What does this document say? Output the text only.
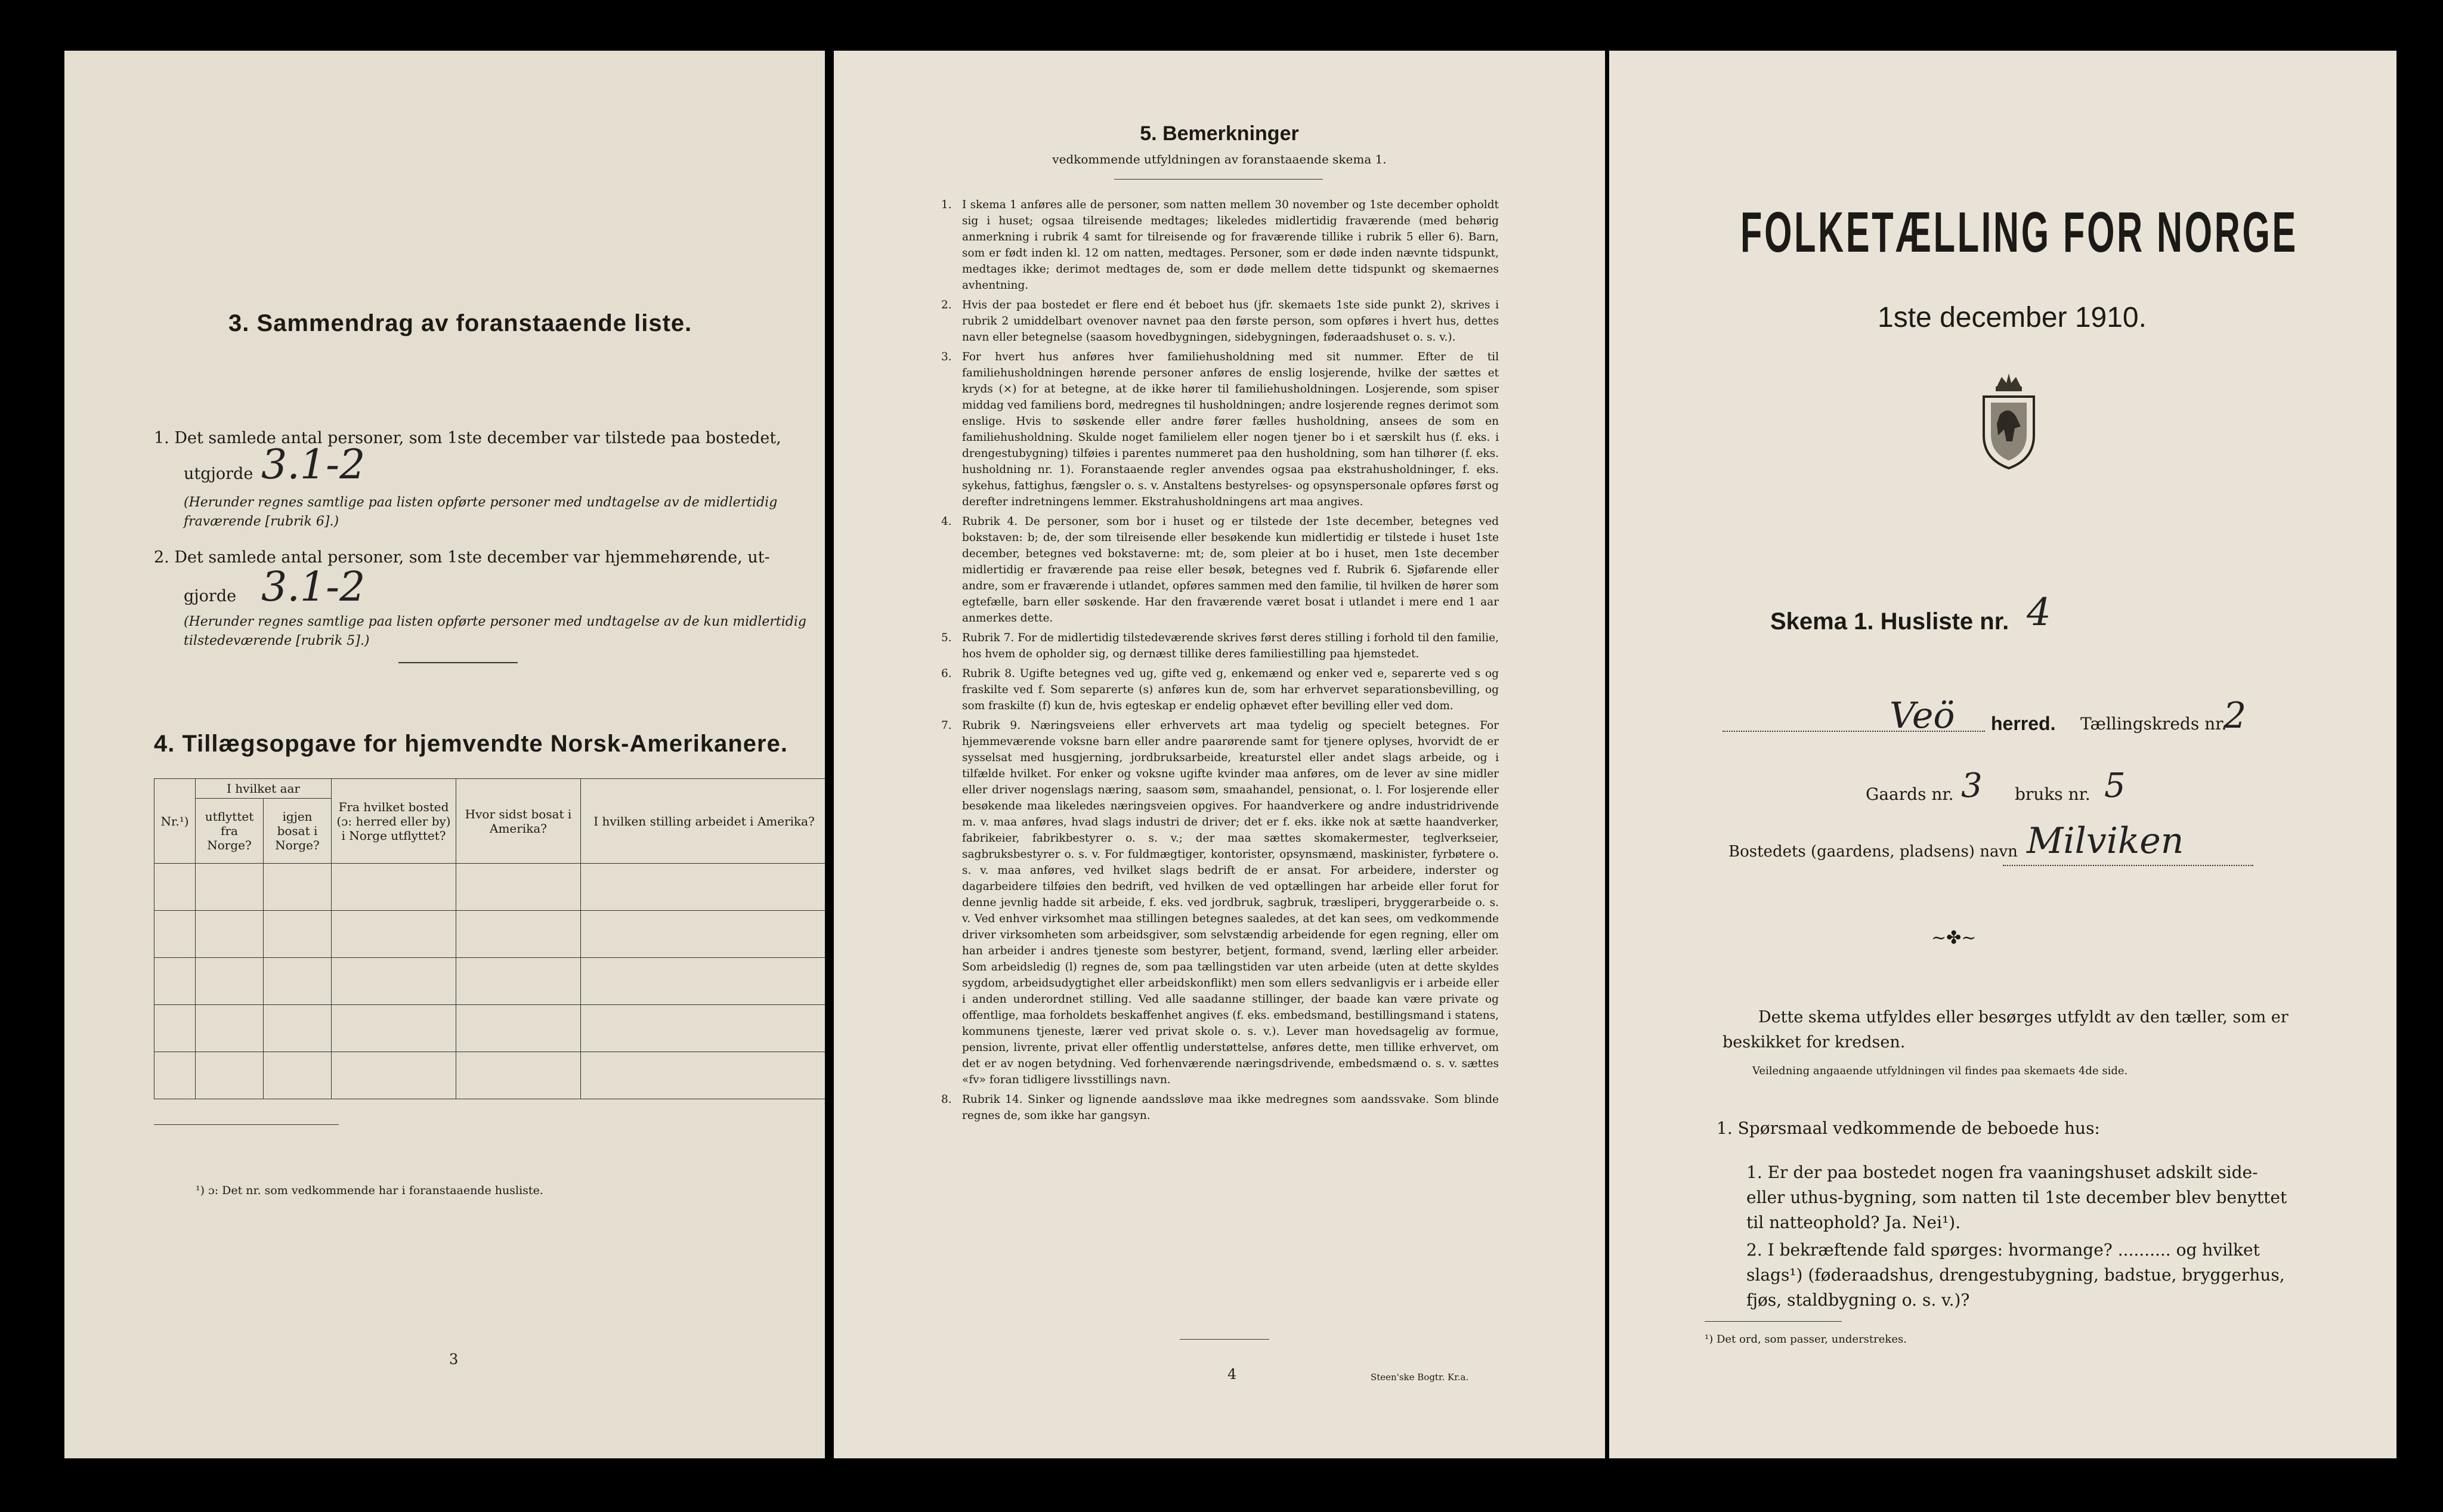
3. Sammendrag av foranstaaende liste.
1. Det samlede antal personer, som 1ste december var tilstede paa bostedet,
utgjorde 3.1-2
(Herunder regnes samtlige paa listen opførte personer med undtagelse av de midlertidig fraværende [rubrik 6].)
2. Det samlede antal personer, som 1ste december var hjemmehørende, ut-
gjorde 3.1-2
(Herunder regnes samtlige paa listen opførte personer med undtagelse av de kun midlertidig tilstedeværende [rubrik 5].)
4. Tillægsopgave for hjemvendte Norsk-Amerikanere.
Nr.¹)	I hvilket aar		Fra hvilket bosted (ɔ: herred eller by) i Norge utflyttet?	Hvor sidst bosat i Amerika?	I hvilken stilling arbeidet i Amerika?
	utflyttet fra Norge?	igjen bosat i Norge?			

¹) ɔ: Det nr. som vedkommende har i foranstaaende husliste.
3
5. Bemerkninger
vedkommende utfyldningen av foranstaaende skema 1.
1. I skema 1 anføres alle de personer, som natten mellem 30 november og 1ste december opholdt sig i huset; ogsaa tilreisende medtages; likeledes midlertidig fraværende (med behørig anmerkning i rubrik 4 samt for tilreisende og for fraværende tillike i rubrik 5 eller 6). Barn, som er født inden kl. 12 om natten, medtages. Personer, som er døde inden nævnte tidspunkt, medtages ikke; derimot medtages de, som er døde mellem dette tidspunkt og skemaernes avhentning.
2. Hvis der paa bostedet er flere end ét beboet hus (jfr. skemaets 1ste side punkt 2), skrives i rubrik 2 umiddelbart ovenover navnet paa den første person, som opføres i hvert hus, dettes navn eller betegnelse (saasom hovedbygningen, sidebygningen, føderaadshuset o. s. v.).
3. For hvert hus anføres hver familiehusholdning med sit nummer. Efter de til familiehusholdningen hørende personer anføres de enslig losjerende, hvilke der sættes et kryds (×) for at betegne, at de ikke hører til familiehusholdningen. Losjerende, som spiser middag ved familiens bord, medregnes til husholdningen; andre losjerende regnes derimot som enslige. Hvis to søskende eller andre fører fælles husholdning, ansees de som en familiehusholdning. Skulde noget familielem eller nogen tjener bo i et særskilt hus (f. eks. i drengestubygning) tilføies i parentes nummeret paa den husholdning, som han tilhører (f. eks. husholdning nr. 1). Foranstaaende regler anvendes ogsaa paa ekstrahusholdninger, f. eks. sykehus, fattighus, fængsler o. s. v. Anstaltens bestyrelses- og opsynspersonale opføres først og derefter indretningens lemmer. Ekstrahusholdningens art maa angives.
4. Rubrik 4. De personer, som bor i huset og er tilstede der 1ste december, betegnes ved bokstaven: b; de, der som tilreisende eller besøkende kun midlertidig er tilstede i huset 1ste december, betegnes ved bokstaverne: mt; de, som pleier at bo i huset, men 1ste december midlertidig er fraværende paa reise eller besøk, betegnes ved f. Rubrik 6. Sjøfarende eller andre, som er fraværende i utlandet, opføres sammen med den familie, til hvilken de hører som egtefælle, barn eller søskende. Har den fraværende været bosat i utlandet i mere end 1 aar anmerkes dette.
5. Rubrik 7. For de midlertidig tilstedeværende skrives først deres stilling i forhold til den familie, hos hvem de opholder sig, og dernæst tillike deres familiestilling paa hjemstedet.
6. Rubrik 8. Ugifte betegnes ved ug, gifte ved g, enkemænd og enker ved e, separerte ved s og fraskilte ved f. Som separerte (s) anføres kun de, som har erhvervet separationsbevilling, og som fraskilte (f) kun de, hvis egteskap er endelig ophævet efter bevilling eller ved dom.
7. Rubrik 9. Næringsveiens eller erhvervets art maa tydelig og specielt betegnes. For hjemmeværende voksne barn eller andre paarørende samt for tjenere oplyses, hvorvidt de er sysselsat med husgjerning, jordbruksarbeide, kreaturstel eller andet slags arbeide, og i tilfælde hvilket. For enker og voksne ugifte kvinder maa anføres, om de lever av sine midler eller driver nogenslags næring, saasom søm, smaahandel, pensionat, o. l. For losjerende eller besøkende maa likeledes næringsveien opgives. For haandverkere og andre industridrivende m. v. maa anføres, hvad slags industri de driver; det er f. eks. ikke nok at sætte haandverker, fabrikeier, fabrikbestyrer o. s. v.; der maa sættes skomakermester, teglverkseier, sagbruksbestyrer o. s. v. For fuldmægtiger, kontorister, opsynsmænd, maskinister, fyrbøtere o. s. v. maa anføres, ved hvilket slags bedrift de er ansat. For arbeidere, inderster og dagarbeidere tilføies den bedrift, ved hvilken de ved optællingen har arbeide eller forut for denne jevnlig hadde sit arbeide, f. eks. ved jordbruk, sagbruk, træsliperi, bryggerarbeide o. s. v. Ved enhver virksomhet maa stillingen betegnes saaledes, at det kan sees, om vedkommende driver virksomheten som arbeidsgiver, som selvstændig arbeidende for egen regning, eller om han arbeider i andres tjeneste som bestyrer, betjent, formand, svend, lærling eller arbeider. Som arbeidsledig (l) regnes de, som paa tællingstiden var uten arbeide (uten at dette skyldes sygdom, arbeidsudygtighet eller arbeidskonflikt) men som ellers sedvanligvis er i arbeide eller i anden underordnet stilling. Ved alle saadanne stillinger, der baade kan være private og offentlige, maa forholdets beskaffenhet angives (f. eks. embedsmand, bestillingsmand i statens, kommunens tjeneste, lærer ved privat skole o. s. v.). Lever man hovedsagelig av formue, pension, livrente, privat eller offentlig understøttelse, anføres dette, men tillike erhvervet, om det er av nogen betydning. Ved forhenværende næringsdrivende, embedsmænd o. s. v. sættes «fv» foran tidligere livsstillings navn.
8. Rubrik 14. Sinker og lignende aandssløve maa ikke medregnes som aandssvake. Som blinde regnes de, som ikke har gangsyn.
4	Steen'ske Bogtr. Kr.a.
FOLKETÆLLING FOR NORGE
1ste december 1910.
Skema 1. Husliste nr. 4
Veö herred. Tællingskreds nr.
2
Gaards nr. 3 bruks nr. 5
Bostedets (gaardens, pladsens) navn Milviken
~✤~
Dette skema utfyldes eller besørges utfyldt av den tæller, som er beskikket for kredsen.
Veiledning angaaende utfyldningen vil findes paa skemaets 4de side.
1. Spørsmaal vedkommende de beboede hus:
1. Er der paa bostedet nogen fra vaaningshuset adskilt side- eller uthus-bygning, som natten til 1ste december blev benyttet til natteophold? Ja. Nei¹).
2. I bekræftende fald spørges: hvormange? .......... og hvilket slags¹) (føderaadshus, drengestubygning, badstue, bryggerhus, fjøs, staldbygning o. s. v.)?
¹) Det ord, som passer, understrekes.
